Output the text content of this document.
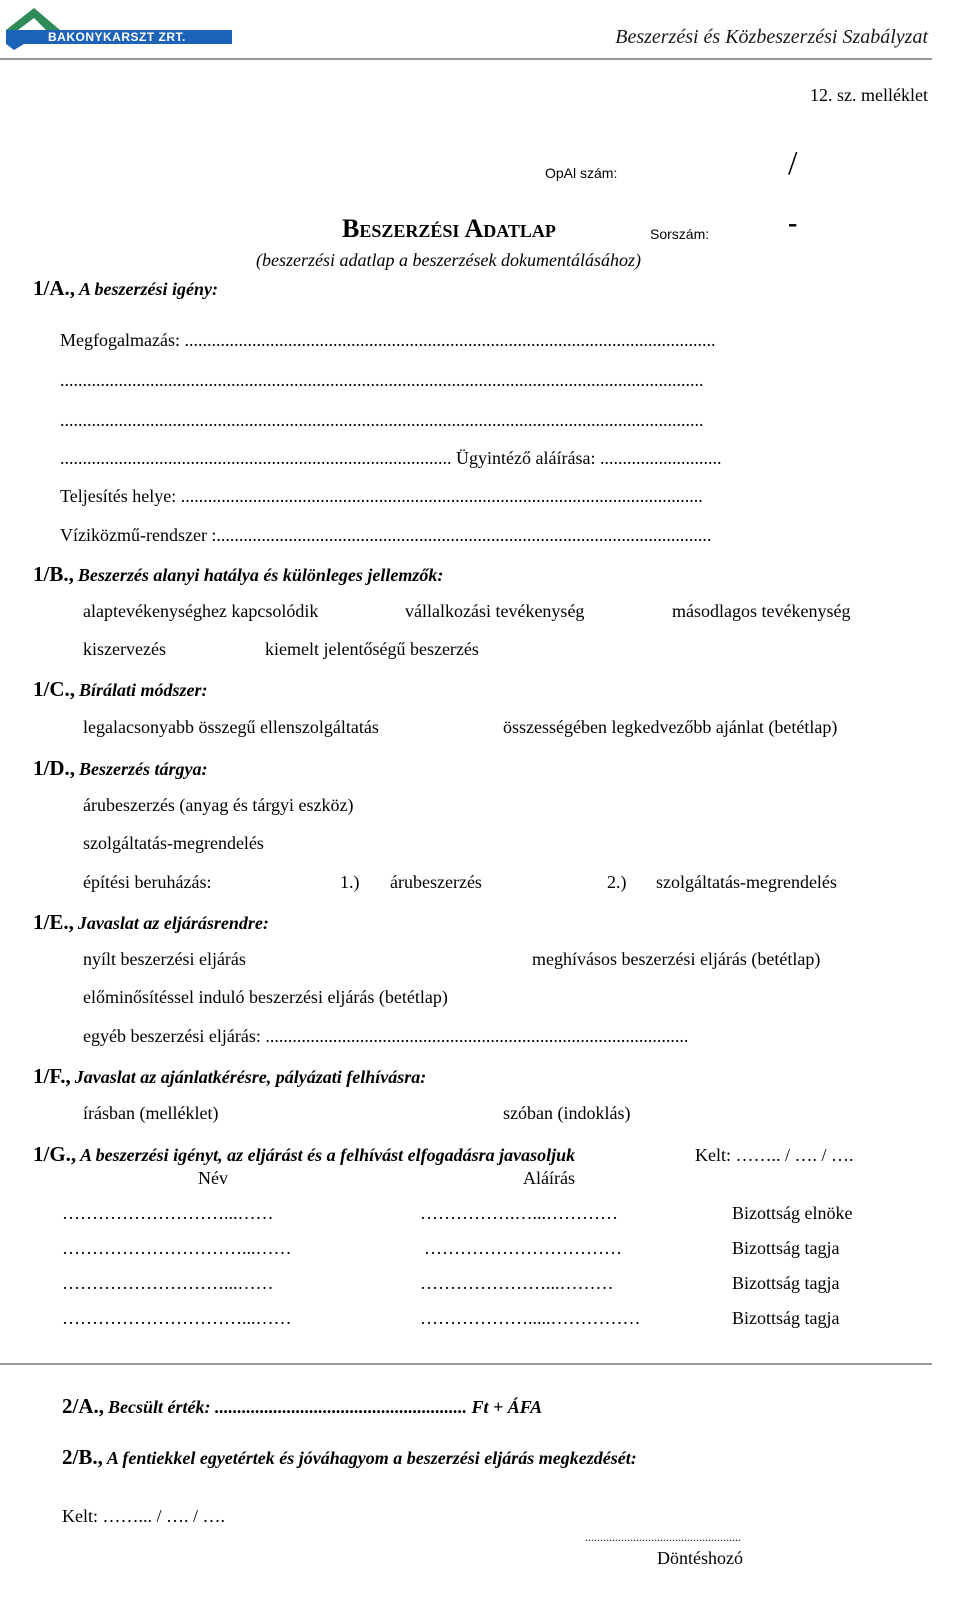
BAKONYKARSZT ZRT.	Beszerzési és Közbeszerzési Szabályzat
12. sz. melléklet
OpAl szám:	/
Beszerzési Adatlap	Sorszám:	-
(beszerzési adatlap a beszerzések dokumentálásához)
1/A., A beszerzési igény:
Megfogalmazás: ......................................................................................................................
...............................................................................................................................................
...............................................................................................................................................
....................................................................................... Ügyintéző aláírása: ...........................
Teljesítés helye: ....................................................................................................................
Víziközmű-rendszer :..............................................................................................................
1/B., Beszerzés alanyi hatálya és különleges jellemzők:
alaptevékenységhez kapcsolódik	vállalkozási tevékenység	másodlagos tevékenység
kiszervezés	kiemelt jelentőségű beszerzés
1/C., Bírálati módszer:
legalacsonyabb összegű ellenszolgáltatás	összességében legkedvezőbb ajánlat (betétlap)
1/D., Beszerzés tárgya:
árubeszerzés (anyag és tárgyi eszköz)
szolgáltatás-megrendelés
építési beruházás:	1.) árubeszerzés	2.) szolgáltatás-megrendelés
1/E., Javaslat az eljárásrendre:
nyílt beszerzési eljárás	meghívásos beszerzési eljárás (betétlap)
előminősítéssel induló beszerzési eljárás (betétlap)
egyéb beszerzési eljárás: ..............................................................................................
1/F., Javaslat az ajánlatkérésre, pályázati felhívásra:
írásban (melléklet)	szóban (indoklás)
1/G., A beszerzési igényt, az eljárást és a felhívást elfogadásra javasoljuk	Kelt: …….. / …. / ….
Név	Aláírás
………………………...……	…………….…...…………	Bizottság elnöke
…………………………...……	……………………………	Bizottság tagja
………………………...……	…………………...………	Bizottság tagja
…………………………...……	……………….....……………	Bizottság tagja
2/A., Becsült érték: ........................................................ Ft + ÁFA
2/B., A fentiekkel egyetértek és jóváhagyom a beszerzési eljárás megkezdését:
Kelt: ……... / …. / ….
....................................................
Döntéshozó
